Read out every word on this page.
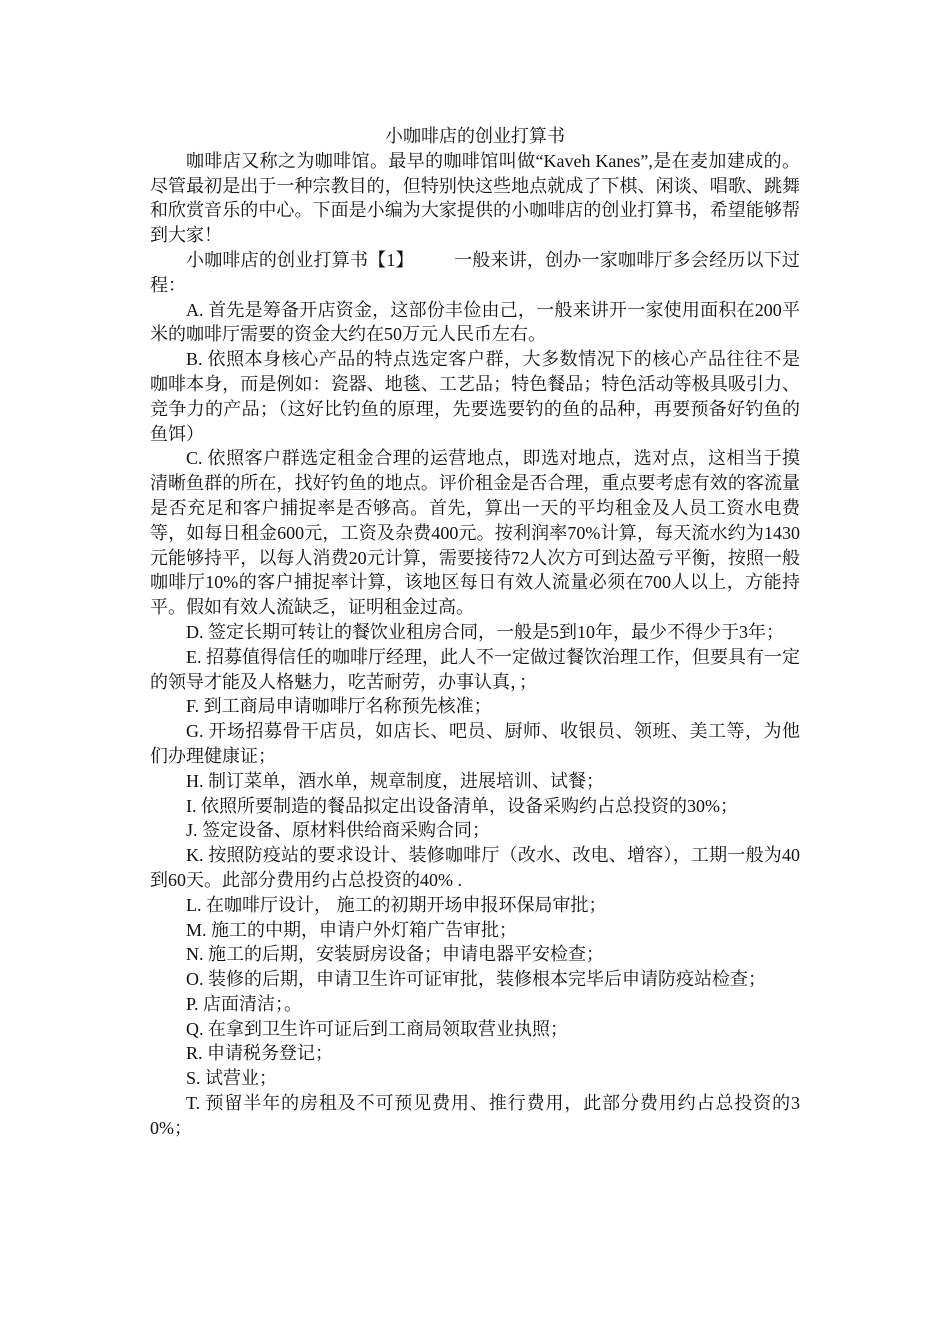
小咖啡店的创业打算书

咖啡店又称之为咖啡馆。最早的咖啡馆叫做“Kaveh Kanes”,是在麦加建成的。尽管最初是出于一种宗教目的，但特别快这些地点就成了下棋、闲谈、唱歌、跳舞和欣赏音乐的中心。下面是小编为大家提供的小咖啡店的创业打算书，希望能够帮到大家！

小咖啡店的创业打算书【1】 一般来讲，创办一家咖啡厅多会经历以下过程：

A. 首先是筹备开店资金，这部份丰俭由己，一般来讲开一家使用面积在200平米的咖啡厅需要的资金大约在50万元人民币左右。

B. 依照本身核心产品的特点选定客户群，大多数情况下的核心产品往往不是咖啡本身，而是例如：瓷器、地毯、工艺品；特色餐品；特色活动等极具吸引力、竞争力的产品；（这好比钓鱼的原理，先要选要钓的鱼的品种，再要预备好钓鱼的鱼饵）

C. 依照客户群选定租金合理的运营地点，即选对地点，选对点，这相当于摸清晰鱼群的所在，找好钓鱼的地点。评价租金是否合理，重点要考虑有效的客流量是否充足和客户捕捉率是否够高。首先，算出一天的平均租金及人员工资水电费等，如每日租金600元，工资及杂费400元。按利润率70%计算，每天流水约为1430元能够持平，以每人消费20元计算，需要接待72人次方可到达盈亏平衡，按照一般咖啡厅10%的客户捕捉率计算，该地区每日有效人流量必须在700人以上，方能持平。假如有效人流缺乏，证明租金过高。

D. 签定长期可转让的餐饮业租房合同，一般是5到10年，最少不得少于3年；

E. 招募值得信任的咖啡厅经理，此人不一定做过餐饮治理工作，但要具有一定的领导才能及人格魅力，吃苦耐劳，办事认真，；

F. 到工商局申请咖啡厅名称预先核准；

G. 开场招募骨干店员，如店长、吧员、厨师、收银员、领班、美工等，为他们办理健康证；

H. 制订菜单，酒水单，规章制度，进展培训、试餐；

I. 依照所要制造的餐品拟定出设备清单，设备采购约占总投资的30%；

J. 签定设备、原材料供给商采购合同；

K. 按照防疫站的要求设计、装修咖啡厅（改水、改电、增容），工期一般为40到60天。此部分费用约占总投资的40% .

L. 在咖啡厅设计， 施工的初期开场申报环保局审批；

M. 施工的中期，申请户外灯箱广告审批；

N. 施工的后期，安装厨房设备；申请电器平安检查；

O. 装修的后期，申请卫生许可证审批，装修根本完毕后申请防疫站检查；

P. 店面清洁；。

Q. 在拿到卫生许可证后到工商局领取营业执照；

R. 申请税务登记；

S. 试营业；

T. 预留半年的房租及不可预见费用、推行费用，此部分费用约占总投资的30%；
